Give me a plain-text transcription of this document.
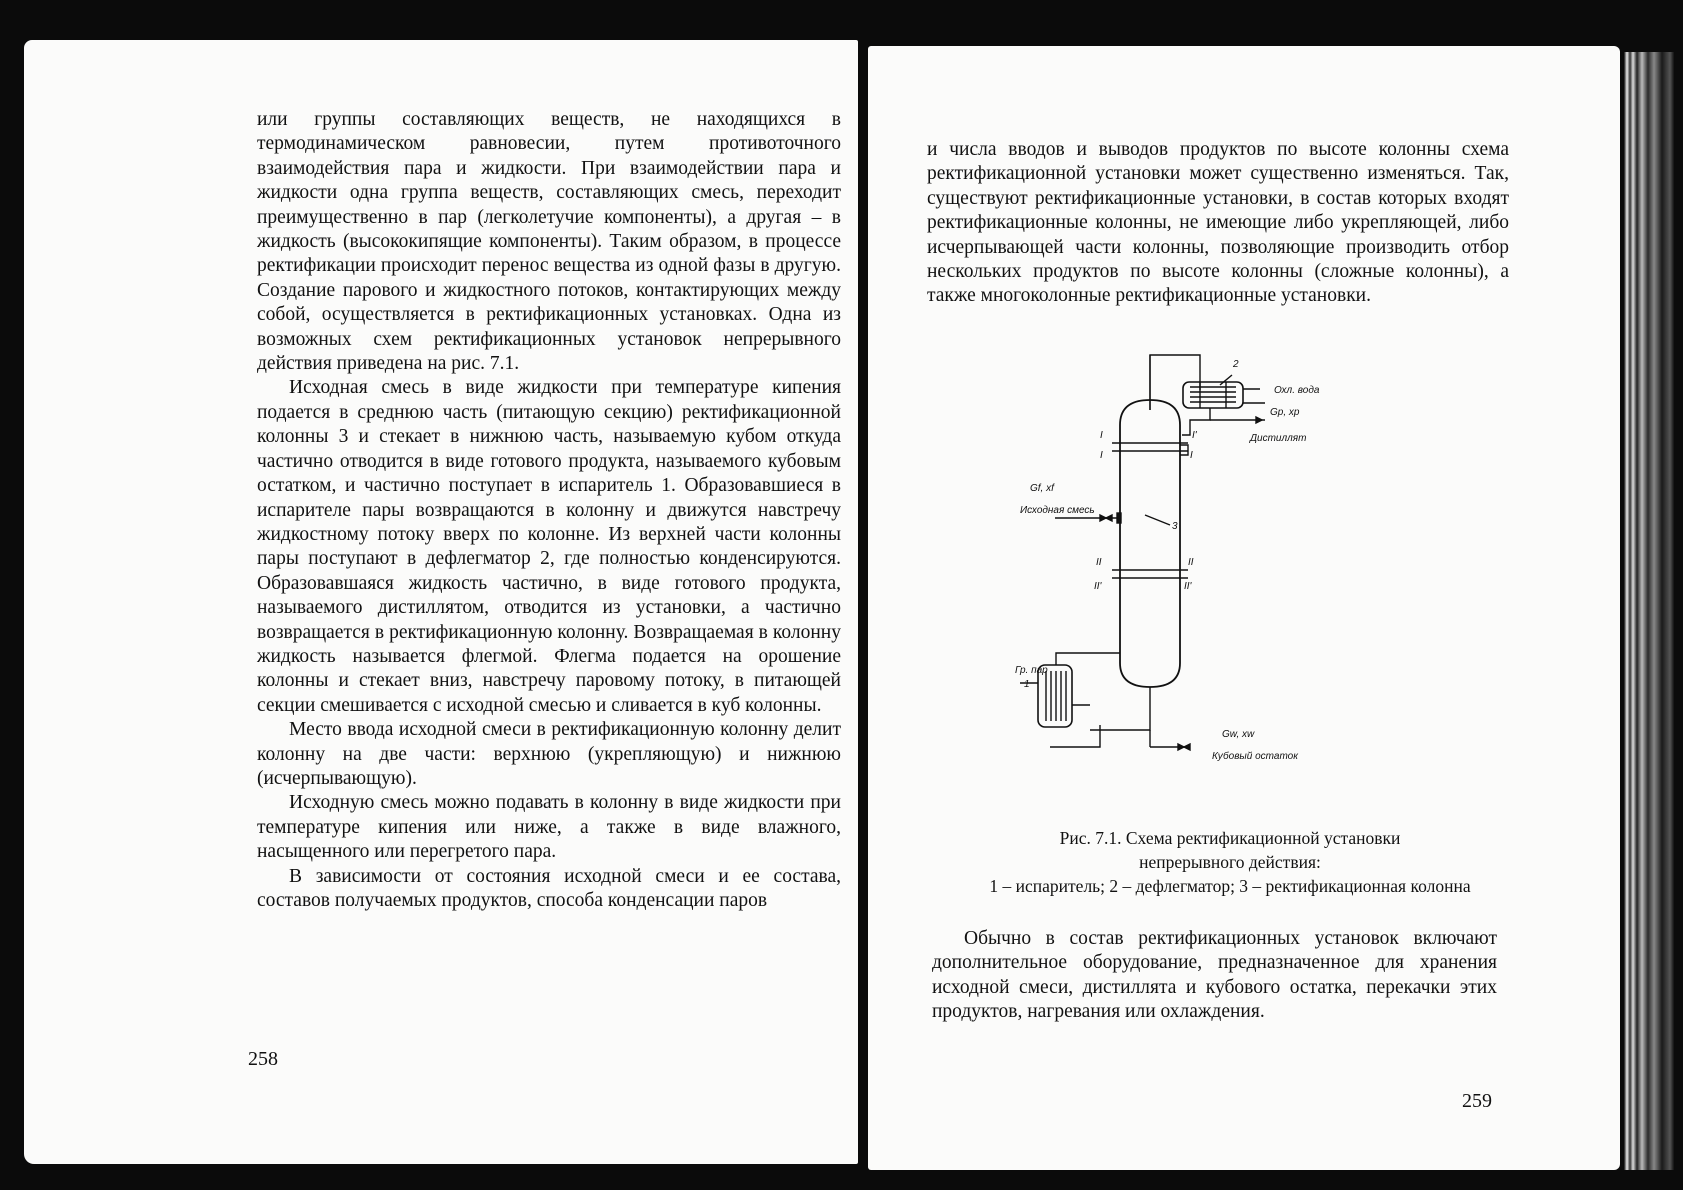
или группы составляющих веществ, не находящихся в термодинамическом равновесии, путем противоточного взаимодействия пара и жидкости. При взаимодействии пара и жидкости одна группа веществ, составляющих смесь, переходит преимущественно в пар (легколетучие компоненты), а другая – в жидкость (высококипящие компоненты). Таким образом, в процессе ректификации происходит перенос вещества из одной фазы в другую. Создание парового и жидкостного потоков, контактирующих между собой, осуществляется в ректификационных установках. Одна из возможных схем ректификационных установок непрерывного действия приведена на рис. 7.1.

Исходная смесь в виде жидкости при температуре кипения подается в среднюю часть (питающую секцию) ректификационной колонны 3 и стекает в нижнюю часть, называемую кубом откуда частично отводится в виде готового продукта, называемого кубовым остатком, и частично поступает в испаритель 1. Образовавшиеся в испарителе пары возвращаются в колонну и движутся навстречу жидкостному потоку вверх по колонне. Из верхней части колонны пары поступают в дефлегматор 2, где полностью конденсируются. Образовавшаяся жидкость частично, в виде готового продукта, называемого дистиллятом, отводится из установки, а частично возвращается в ректификационную колонну. Возвращаемая в колонну жидкость называется флегмой. Флегма подается на орошение колонны и стекает вниз, навстречу паровому потоку, в питающей секции смешивается с исходной смесью и сливается в куб колонны.

Место ввода исходной смеси в ректификационную колонну делит колонну на две части: верхнюю (укрепляющую) и нижнюю (исчерпывающую).

Исходную смесь можно подавать в колонну в виде жидкости при температуре кипения или ниже, а также в виде влажного, насыщенного или перегретого пара.

В зависимости от состояния исходной смеси и ее состава, составов получаемых продуктов, способа конденсации паров

258

и числа вводов и выводов продуктов по высоте колонны схема ректификационной установки может существенно изменяться. Так, существуют ректификационные установки, в состав которых входят ректификационные колонны, не имеющие либо укрепляющей, либо исчерпывающей части колонны, позволяющие производить отбор нескольких продуктов по высоте колонны (сложные колонны), а также многоколонные ректификационные установки.

2
Охл. вода
Gp, xp
Дистиллят
I
I
I'
I
Gf, xf
Исходная смесь
3
II	II
II'	II'
Гр. пар
1
Gw, xw
Кубовый остаток
Рис. 7.1. Схема ректификационной установки
непрерывного действия:
1 – испаритель; 2 – дефлегматор; 3 – ректификационная колонна

Обычно в состав ректификационных установок включают дополнительное оборудование, предназначенное для хранения исходной смеси, дистиллята и кубового остатка, перекачки этих продуктов, нагревания или охлаждения.

259
